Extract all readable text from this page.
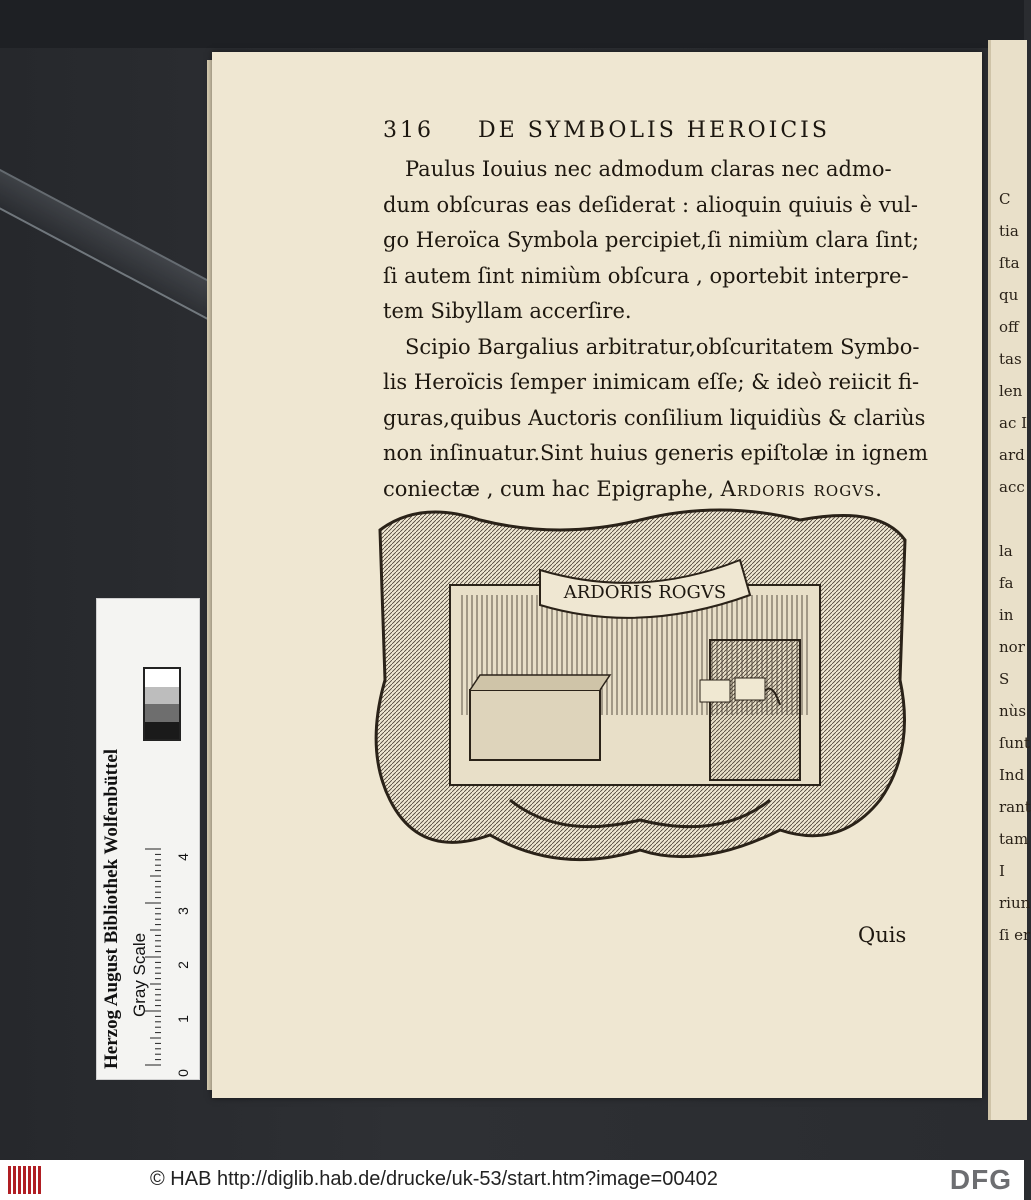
C
tia
ſta
qu
off
tas
len
ac I
ard
acc

la
fa
in
nor
S
nùs
ſunt
Ind
rant
tam
I
riun
ſi er
316 DE SYMBOLIS HEROICIS
Paulus Iouius nec admodum claras nec admo-
dum obſcuras eas deſiderat : alioquin quiuis è vul-
go Heroïca Symbola percipiet,ſi nimiùm clara ſint;
ſi autem ſint nimiùm obſcura , oportebit interpre-
tem Sibyllam accerſire.
Scipio Bargalius arbitratur,obſcuritatem Symbo-
lis Heroïcis ſemper inimicam eſſe; & ideò reiicit fi-
guras,quibus Auctoris conſilium liquidiùs & clariùs
non inſinuatur.Sint huius generis epiſtolæ in ignem
coniectæ , cum hac Epigraphe, Ardoris rogvs.
ARDORIS ROGVS
Quis
Herzog August Bibliothek Wolfenbüttel Gray Scale
0
1
2
3
4
© HAB http://diglib.hab.de/drucke/uk-53/start.htm?image=00402	DFG
